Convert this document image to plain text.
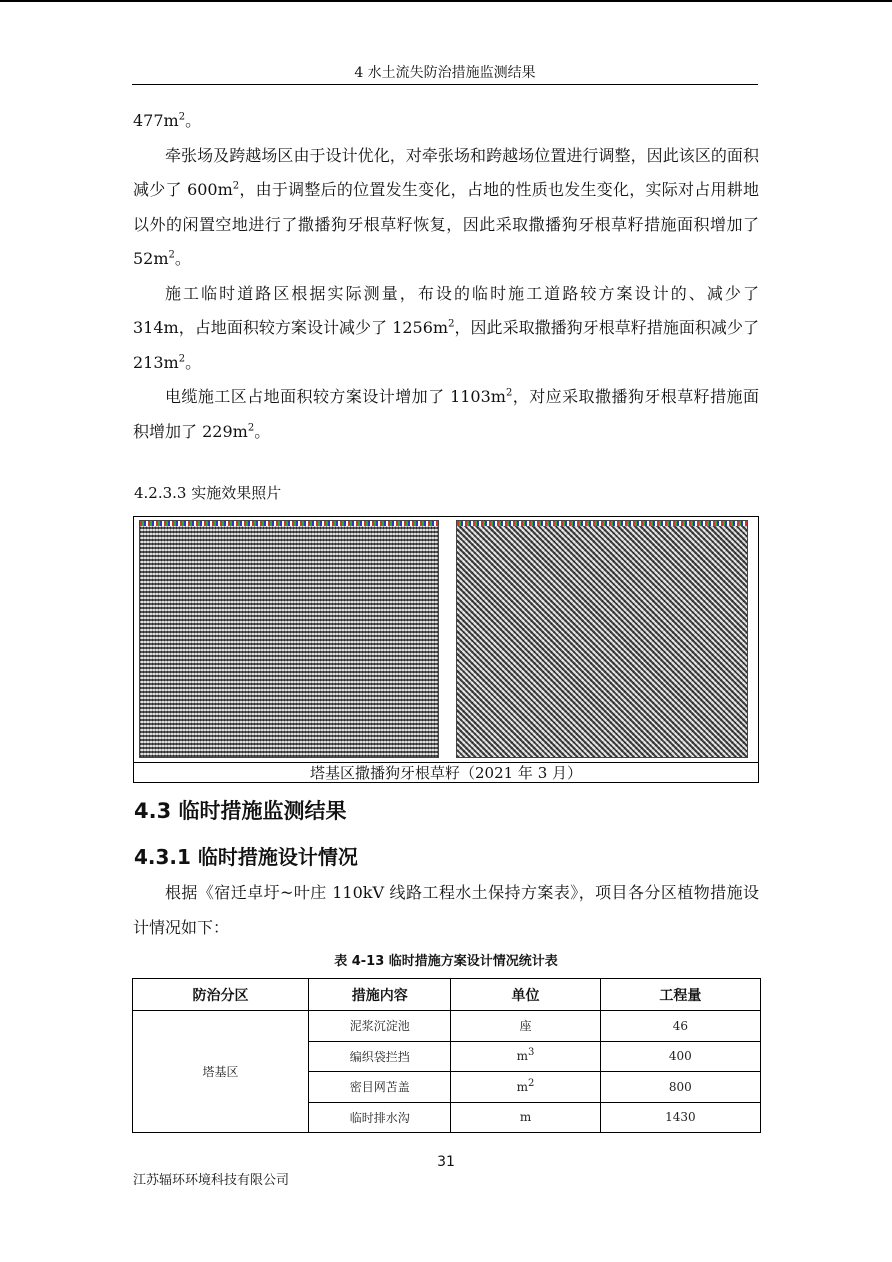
4 水土流失防治措施监测结果

$477m^2$。

牵张场及跨越场区由于设计优化，对牵张场和跨越场位置进行调整，因此该区的面积减少了 $600m^2$，由于调整后的位置发生变化，占地的性质也发生变化，实际对占用耕地以外的闲置空地进行了撒播狗牙根草籽恢复，因此采取撒播狗牙根草籽措施面积增加了 $52m^2$。

施工临时道路区根据实际测量，布设的临时施工道路较方案设计的、减少了 314m，占地面积较方案设计减少了 $1256m^2$，因此采取撒播狗牙根草籽措施面积减少了 $213m^2$。

电缆施工区占地面积较方案设计增加了 $1103m^2$，对应采取撒播狗牙根草籽措施面积增加了 $229m^2$。

4.2.3.3 实施效果照片
塔基区撒播狗牙根草籽（2021 年 3 月）
4.3 临时措施监测结果
4.3.1 临时措施设计情况

根据《宿迁卓圩~叶庄 110kV 线路工程水土保持方案表》，项目各分区植物措施设计情况如下：

表 4-13 临时措施方案设计情况统计表
防治分区	措施内容	单位	工程量
塔基区	泥浆沉淀池	座	46
	编织袋拦挡	$m^3$	400
	密目网苫盖	$m^2$	800
	临时排水沟	m	1430
31
江苏辐环环境科技有限公司
